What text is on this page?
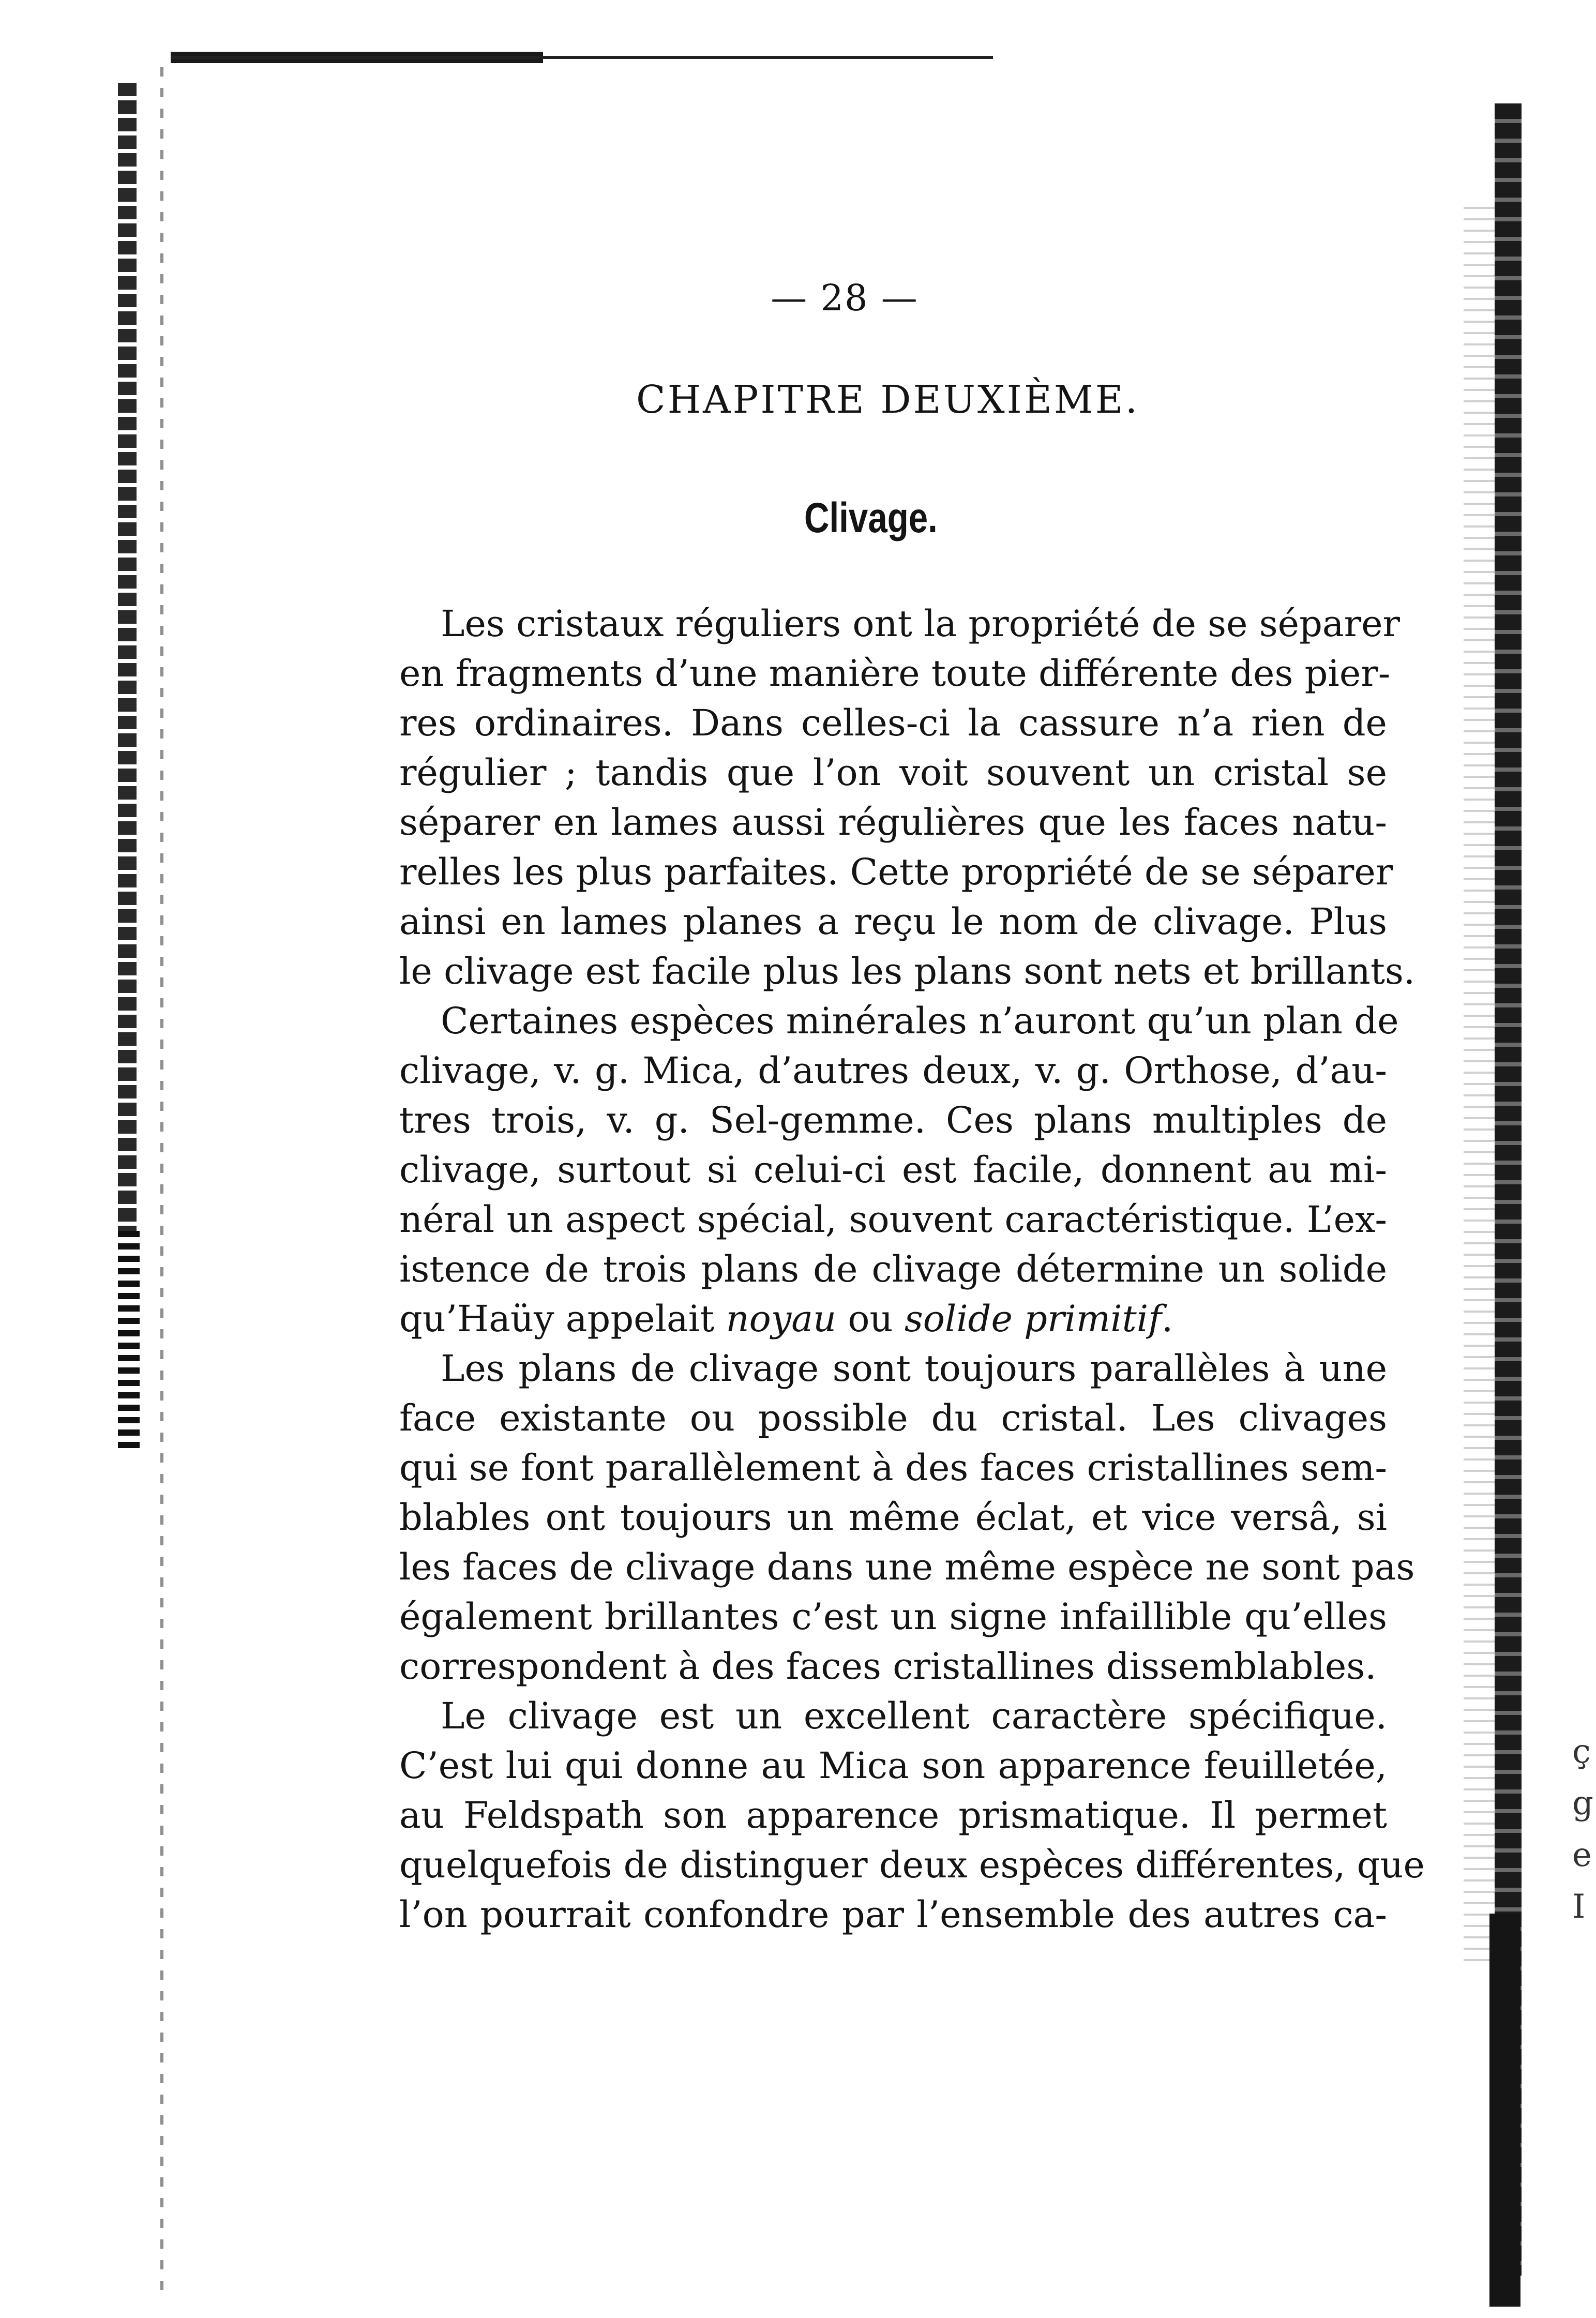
ç
g
e
I
— 28 —
CHAPITRE DEUXIÈME.
Clivage.
Les cristaux réguliers ont la propriété de se séparer
en fragments d’une manière toute différente des pier-
res ordinaires. Dans celles-ci la cassure n’a rien de
régulier ; tandis que l’on voit souvent un cristal se
séparer en lames aussi régulières que les faces natu-
relles les plus parfaites. Cette propriété de se séparer
ainsi en lames planes a reçu le nom de clivage. Plus
le clivage est facile plus les plans sont nets et brillants.
Certaines espèces minérales n’auront qu’un plan de
clivage, v. g. Mica, d’autres deux, v. g. Orthose, d’au-
tres trois, v. g. Sel-gemme. Ces plans multiples de
clivage, surtout si celui-ci est facile, donnent au mi-
néral un aspect spécial, souvent caractéristique. L’ex-
istence de trois plans de clivage détermine un solide
qu’Haüy appelait noyau ou solide primitif.
Les plans de clivage sont toujours parallèles à une
face existante ou possible du cristal. Les clivages
qui se font parallèlement à des faces cristallines sem-
blables ont toujours un même éclat, et vice versâ, si
les faces de clivage dans une même espèce ne sont pas
également brillantes c’est un signe infaillible qu’elles
correspondent à des faces cristallines dissemblables.
Le clivage est un excellent caractère spécifique.
C’est lui qui donne au Mica son apparence feuilletée,
au Feldspath son apparence prismatique. Il permet
quelquefois de distinguer deux espèces différentes, que
l’on pourrait confondre par l’ensemble des autres ca-
